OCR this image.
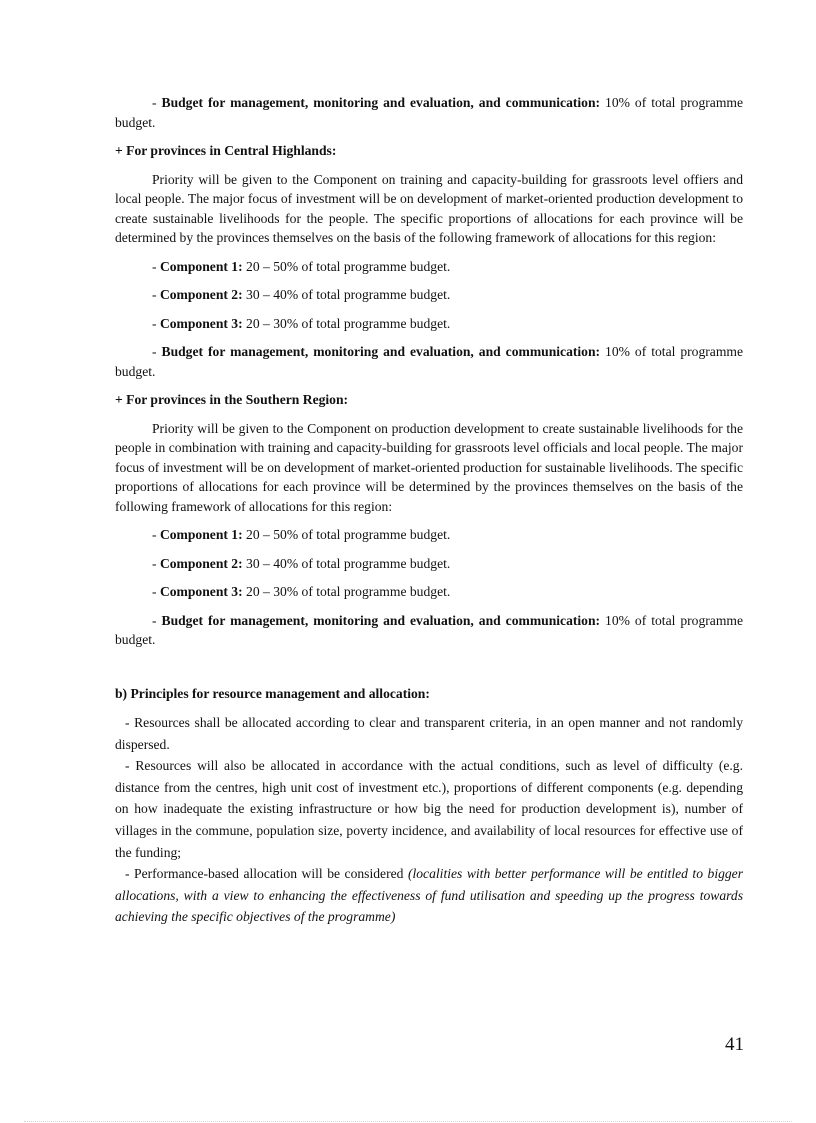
- Budget for management, monitoring and evaluation, and communication: 10% of total programme budget.

+ For provinces in Central Highlands:

Priority will be given to the Component on training and capacity-building for grassroots level offiers and local people. The major focus of investment will be on development of market-oriented production development to create sustainable livelihoods for the people. The specific proportions of allocations for each province will be determined by the provinces themselves on the basis of the following framework of allocations for this region:

- Component 1: 20 – 50% of total programme budget.

- Component 2: 30 – 40% of total programme budget.

- Component 3: 20 – 30% of total programme budget.

- Budget for management, monitoring and evaluation, and communication: 10% of total programme budget.

+ For provinces in the Southern Region:

Priority will be given to the Component on production development to create sustainable livelihoods for the people in combination with training and capacity-building for grassroots level officials and local people. The major focus of investment will be on development of market-oriented production for sustainable livelihoods. The specific proportions of allocations for each province will be determined by the provinces themselves on the basis of the following framework of allocations for this region:

- Component 1: 20 – 50% of total programme budget.

- Component 2: 30 – 40% of total programme budget.

- Component 3: 20 – 30% of total programme budget.

- Budget for management, monitoring and evaluation, and communication: 10% of total programme budget.

b) Principles for resource management and allocation:

- Resources shall be allocated according to clear and transparent criteria, in an open manner and not randomly dispersed.

- Resources will also be allocated in accordance with the actual conditions, such as level of difficulty (e.g. distance from the centres, high unit cost of investment etc.), proportions of different components (e.g. depending on how inadequate the existing infrastructure or how big the need for production development is), number of villages in the commune, population size, poverty incidence, and availability of local resources for effective use of the funding;

- Performance-based allocation will be considered (localities with better performance will be entitled to bigger allocations, with a view to enhancing the effectiveness of fund utilisation and speeding up the progress towards achieving the specific objectives of the programme)

41
